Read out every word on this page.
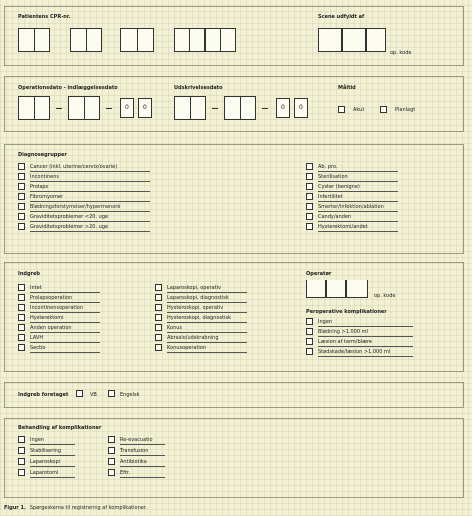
Patientens CPR-nr.	Scene udfyldt af
op. kode
Operationsdato - indlæggelsesdato	Udskrivelsesdato	Måltid
0 0	0 0	Akut	Planlagt
Diagnosegrupper
Cancer (inkl. uterine/cervix/ovarie)
Incontinens
Prolaps
Fibromyomer
Blødningsforstyrrelser/hypermenoré
Graviditetsproblemer <20. uge
Graviditetsproblemer >20. uge
Ab. pro.
Sterilisation
Cyster (benigne)
Infertilitet
Smerter/infektion/ablation
Candy/anden
Hysterektomi/andet
Indgreb
Intet
Prolapsoperation
Incontinensoperation
Hysterektomi
Anden operation
LAVH
Sectio
Laparoskopi, operativ
Laparoskopi, diagnostisk
Hysteroskopi, operativ
Hysteroskopi, diagnostisk
Konus
Abrasio/udskrabning
Konusoperation
Operatør
op. kode
Peroperative komplikationer
Ingen
Blødning >1.000 ml
Læsion af tarm/blære
Stødskade/læsion >1.000 ml
Indgreb foretaget	VB	Engelsk
Behandling af komplikationer
Ingen
Stabilisering
Laparoskopi
Laparotomi
Re-evacuatio
Transfusion
Antibiotika
Eftr.
Figur 1. Spørgeskema til registrering af komplikationer.
